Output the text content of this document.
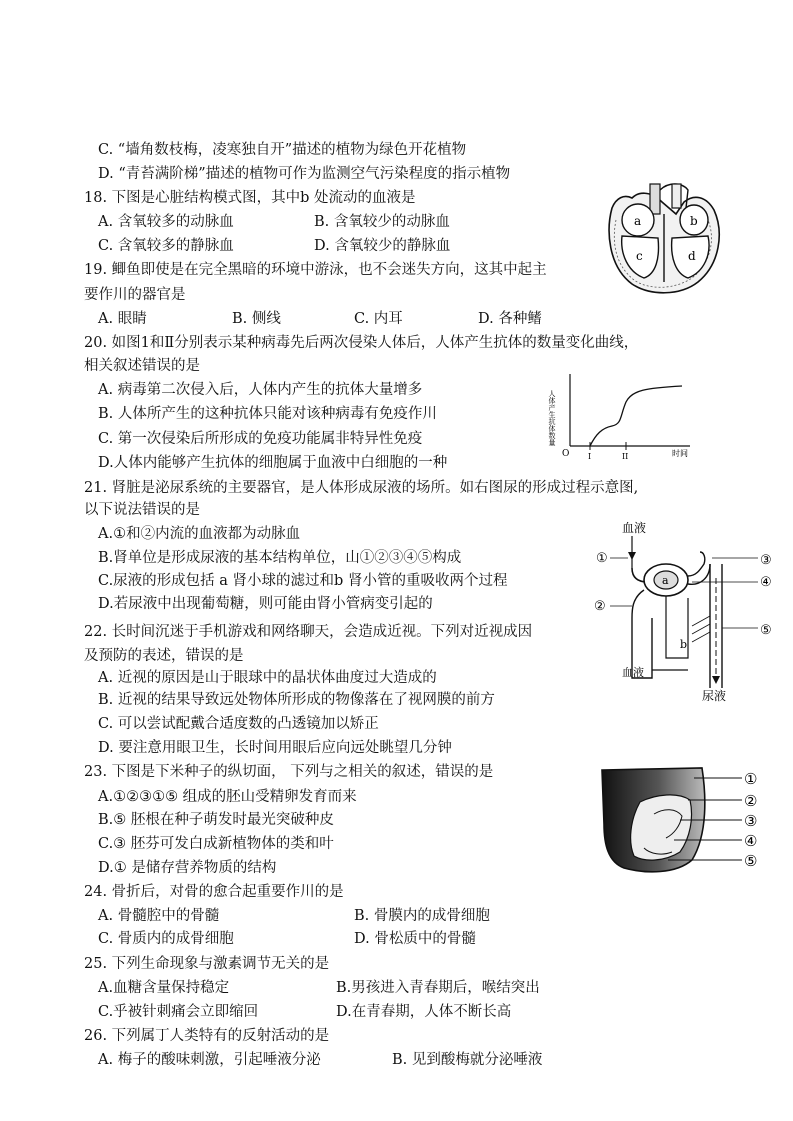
C. “墙角数枝梅，凌寒独自开”描述的植物为绿色开花植物
D. “青苔满阶梯”描述的植物可作为监测空气污染程度的指示植物
18. 下图是心脏结构模式图，其中b 处流动的血液是
A. 含氧较多的动脉血	B. 含氧较少的动脉血
C. 含氧较多的静脉血	D. 含氧较少的静脉血
a	b
c	d
19. 鲫鱼即使是在完全黑暗的环境中游泳，也不会迷失方向，这其中起主
要作川的器官是
A. 眼睛	B. 侧线	C. 内耳	D. 各种鳍
20. 如图1和Ⅱ分别表示某种病毒先后两次侵染人体后，人体产生抗体的数量变化曲线，
相关叙述错误的是
A. 病毒第二次侵入后，人体内产生的抗体大量增多
B. 人体所产生的这种抗体只能对该种病毒有免疫作川
C. 第一次侵染后所形成的免疫功能属非特异性免疫
D.人体内能够产生抗体的细胞属于血液中白细胞的一种
人体产生抗体数量
O I	II	时间
21. 肾脏是泌尿系统的主要器官，是人体形成尿液的场所。如右图尿的形成过程示意图,
以下说法错误的是
A.①和②内流的血液都为动脉血
B.肾单位是形成尿液的基本结构单位，山①②③④⑤构成
C.尿液的形成包括 a 肾小球的滤过和b 肾小管的重吸收两个过程
D.若尿液中出现葡萄糖，则可能由肾小管病变引起的
血液
①
a
③
④
②
b
⑤
血液
尿液
22. 长时间沉迷于手机游戏和网络聊天，会造成近视。下列对近视成因
及预防的表述，错误的是
A. 近视的原因是山于眼球中的晶状体曲度过大造成的
B. 近视的结果导致远处物体所形成的物像落在了视网膜的前方
C. 可以尝试配戴合适度数的凸透镜加以矫正
D. 要注意用眼卫生，长时间用眼后应向远处眺望几分钟
23. 下图是下米种子的纵切面， 下列与之相关的叙述，错误的是
A.①②③①⑤ 组成的胚山受精卵发育而来
B.⑤ 胚根在种子萌发时最光突破种皮
C.③ 胚芬可发白成新植物体的类和叶
D.① 是储存营养物质的结构
①
②
③
④
⑤
24. 骨折后，对骨的愈合起重要作川的是
A. 骨髓腔中的骨髓	B. 骨膜内的成骨细胞
C. 骨质内的成骨细胞	D. 骨松质中的骨髓
25. 下列生命现象与激素调节无关的是
A.血糖含量保持稳定	B.男孩进入青春期后，喉结突出
C.乎被针刺痛会立即缩回	D.在青春期，人体不断长高
26. 下列属丁人类特有的反射活动的是
A. 梅子的酸味刺激，引起唾液分泌	B. 见到酸梅就分泌唾液
